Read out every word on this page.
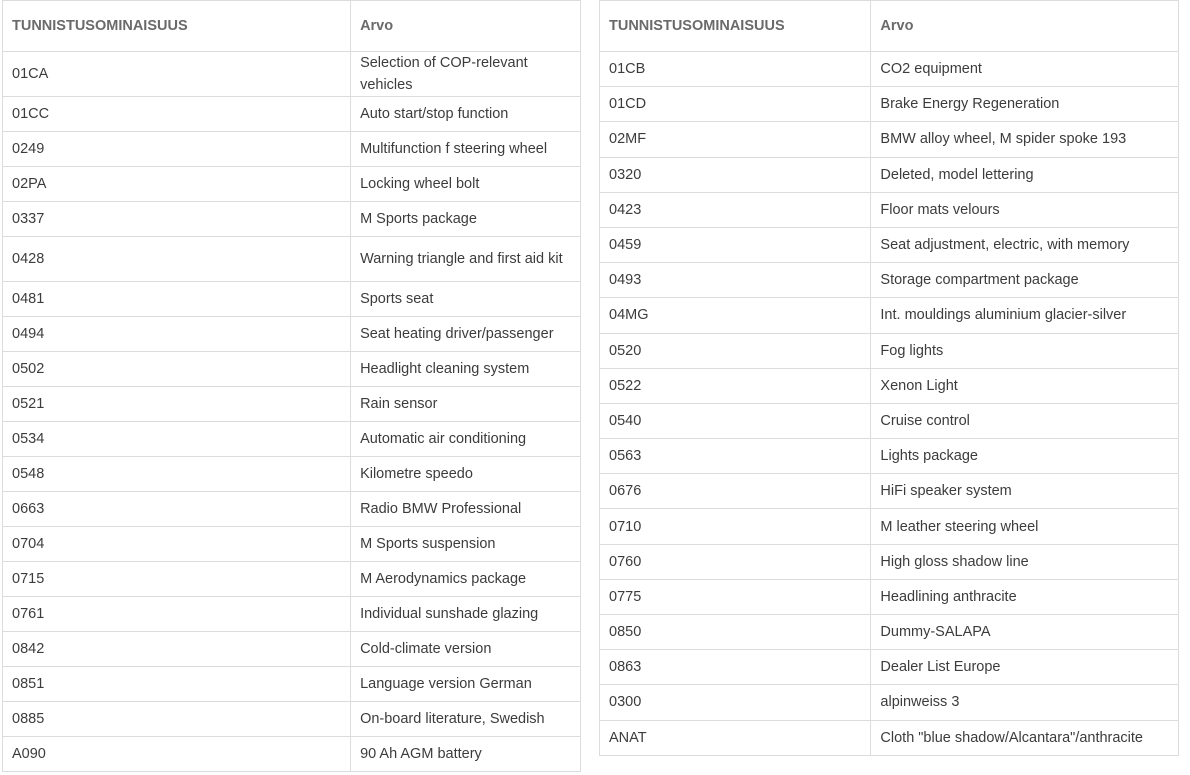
TUNNISTUSOMINAISUUS	Arvo
01CA	Selection of COP-relevant vehicles
01CC	Auto start/stop function
0249	Multifunction f steering wheel
02PA	Locking wheel bolt
0337	M Sports package
0428	Warning triangle and first aid kit
0481	Sports seat
0494	Seat heating driver/passenger
0502	Headlight cleaning system
0521	Rain sensor
0534	Automatic air conditioning
0548	Kilometre speedo
0663	Radio BMW Professional
0704	M Sports suspension
0715	M Aerodynamics package
0761	Individual sunshade glazing
0842	Cold-climate version
0851	Language version German
0885	On-board literature, Swedish
A090	90 Ah AGM battery
TUNNISTUSOMINAISUUS	Arvo
01CB	CO2 equipment
01CD	Brake Energy Regeneration
02MF	BMW alloy wheel, M spider spoke 193
0320	Deleted, model lettering
0423	Floor mats velours
0459	Seat adjustment, electric, with memory
0493	Storage compartment package
04MG	Int. mouldings aluminium glacier-silver
0520	Fog lights
0522	Xenon Light
0540	Cruise control
0563	Lights package
0676	HiFi speaker system
0710	M leather steering wheel
0760	High gloss shadow line
0775	Headlining anthracite
0850	Dummy-SALAPA
0863	Dealer List Europe
0300	alpinweiss 3
ANAT	Cloth "blue shadow/Alcantara"/anthracite
